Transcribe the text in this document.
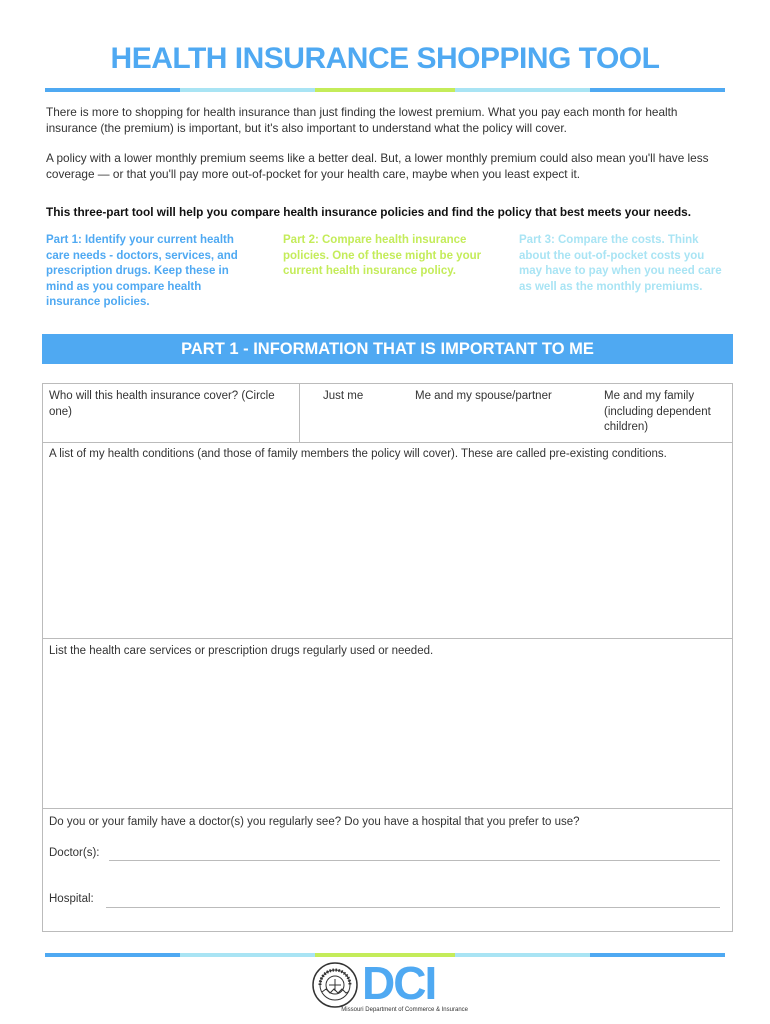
HEALTH INSURANCE SHOPPING TOOL
There is more to shopping for health insurance than just finding the lowest premium. What you pay each month for health insurance (the premium) is important, but it's also important to understand what the policy will cover.
A policy with a lower monthly premium seems like a better deal. But, a lower monthly premium could also mean you'll have less coverage — or that you'll pay more out-of-pocket for your health care, maybe when you least expect it.
This three-part tool will help you compare health insurance policies and find the policy that best meets your needs.
Part 1: Identify your current health care needs - doctors, services, and prescription drugs. Keep these in mind as you compare health insurance policies.
Part 2: Compare health insurance policies. One of these might be your current health insurance policy.
Part 3: Compare the costs. Think about the out-of-pocket costs you may have to pay when you need care as well as the monthly premiums.
PART 1 - INFORMATION THAT IS IMPORTANT TO ME
Who will this health insurance cover? (Circle one)
Just me	Me and my spouse/partner	Me and my family (including dependent children)
A list of my health conditions (and those of family members the policy will cover). These are called pre-existing conditions.
List the health care services or prescription drugs regularly used or needed.
Do you or your family have a doctor(s) you regularly see? Do you have a hospital that you prefer to use?
Doctor(s):
Hospital:
DCI
Missouri Department of Commerce & Insurance
